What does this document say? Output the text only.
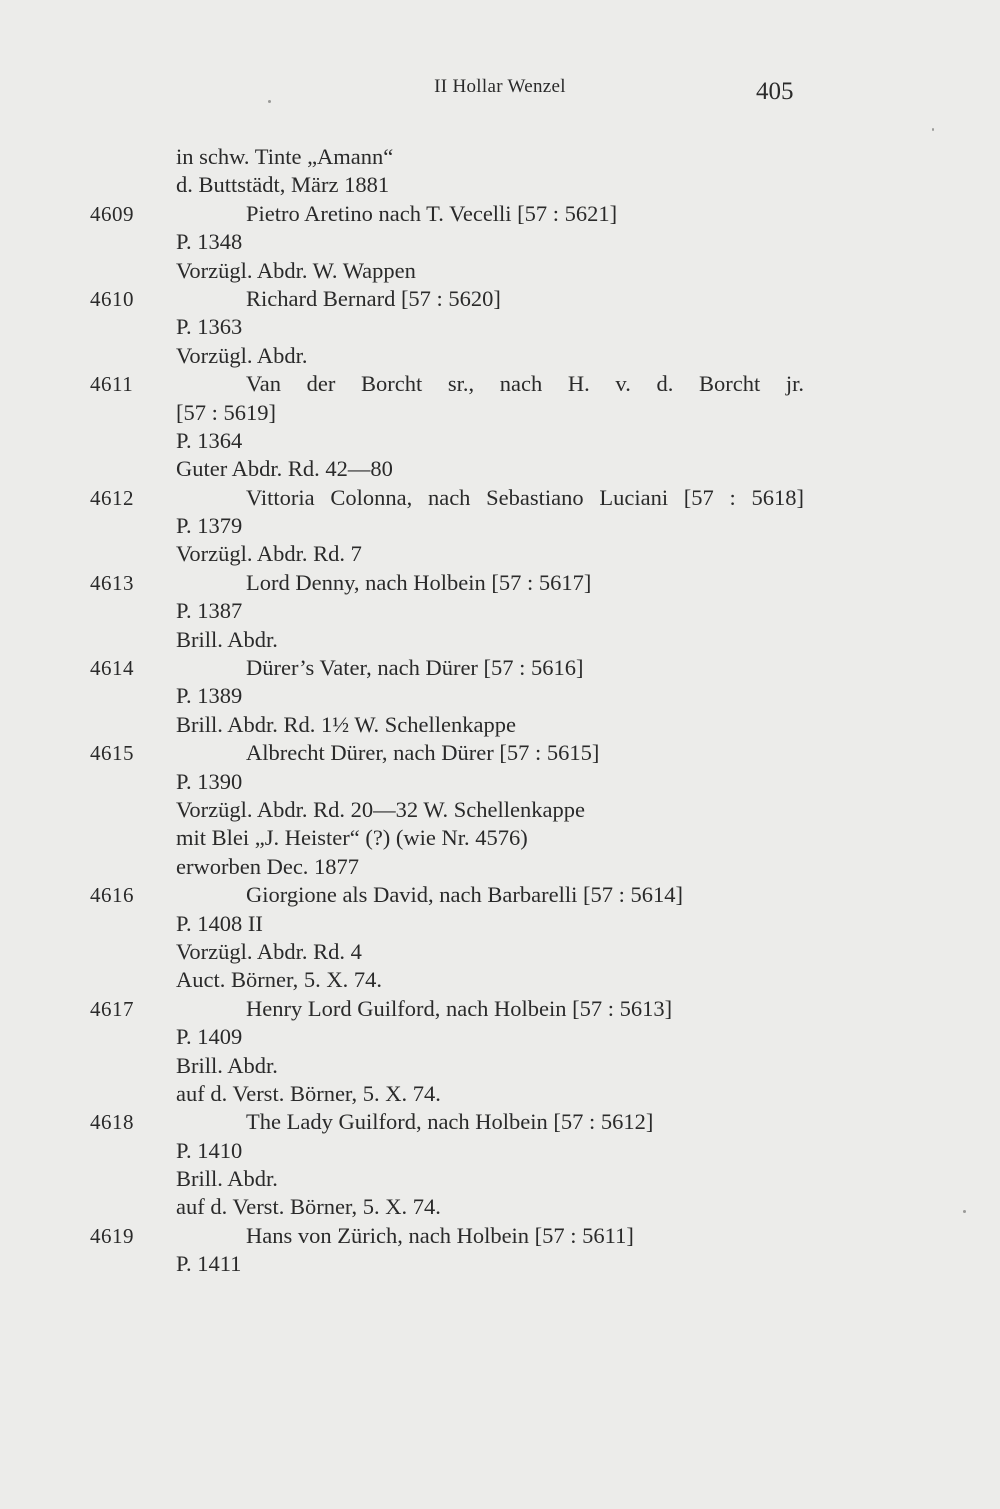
II Hollar Wenzel	405
in schw. Tinte „Amann“
d. Buttstädt, März 1881
4609	Pietro Aretino nach T. Vecelli [57 : 5621]
P. 1348
Vorzügl. Abdr. W. Wappen
4610	Richard Bernard [57 : 5620]
P. 1363
Vorzügl. Abdr.
4611	Van der Borcht sr., nach H. v. d. Borcht jr.
[57 : 5619]
P. 1364
Guter Abdr. Rd. 42—80
4612	Vittoria Colonna, nach Sebastiano Luciani [57 : 5618]
P. 1379
Vorzügl. Abdr. Rd. 7
4613	Lord Denny, nach Holbein [57 : 5617]
P. 1387
Brill. Abdr.
4614	Dürer’s Vater, nach Dürer [57 : 5616]
P. 1389
Brill. Abdr. Rd. 1½ W. Schellenkappe
4615	Albrecht Dürer, nach Dürer [57 : 5615]
P. 1390
Vorzügl. Abdr. Rd. 20—32 W. Schellenkappe
mit Blei „J. Heister“ (?) (wie Nr. 4576)
erworben Dec. 1877
4616	Giorgione als David, nach Barbarelli [57 : 5614]
P. 1408 II
Vorzügl. Abdr. Rd. 4
Auct. Börner, 5. X. 74.
4617	Henry Lord Guilford, nach Holbein [57 : 5613]
P. 1409
Brill. Abdr.
auf d. Verst. Börner, 5. X. 74.
4618	The Lady Guilford, nach Holbein [57 : 5612]
P. 1410
Brill. Abdr.
auf d. Verst. Börner, 5. X. 74.
4619	Hans von Zürich, nach Holbein [57 : 5611]
P. 1411
